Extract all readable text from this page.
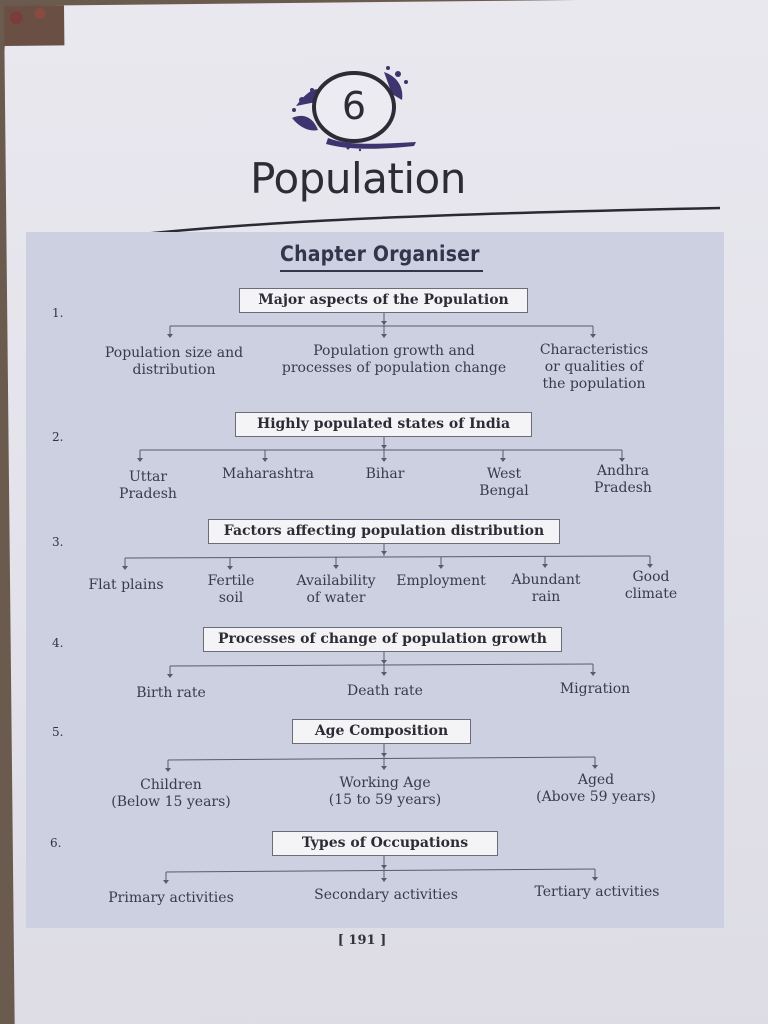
6
Population
Chapter Organiser
1.
2.
3.
4.
5.
6.
Major aspects of the Population
Highly populated states of India
Factors affecting population distribution
Processes of change of population growth
Age Composition
Types of Occupations
Population size and
distribution
Population growth and
processes of population change
Characteristics
or qualities of
the population
Uttar
Pradesh
Maharashtra	Bihar	West
Bengal
Andhra
Pradesh
Flat plains	Fertile
soil
Availability
of water
Employment	Abundant
rain
Good
climate
Birth rate	Death rate	Migration
Children
(Below 15 years)
Working Age
(15 to 59 years)
Aged
(Above 59 years)
Primary activities	Secondary activities	Tertiary activities
[ 191 ]
